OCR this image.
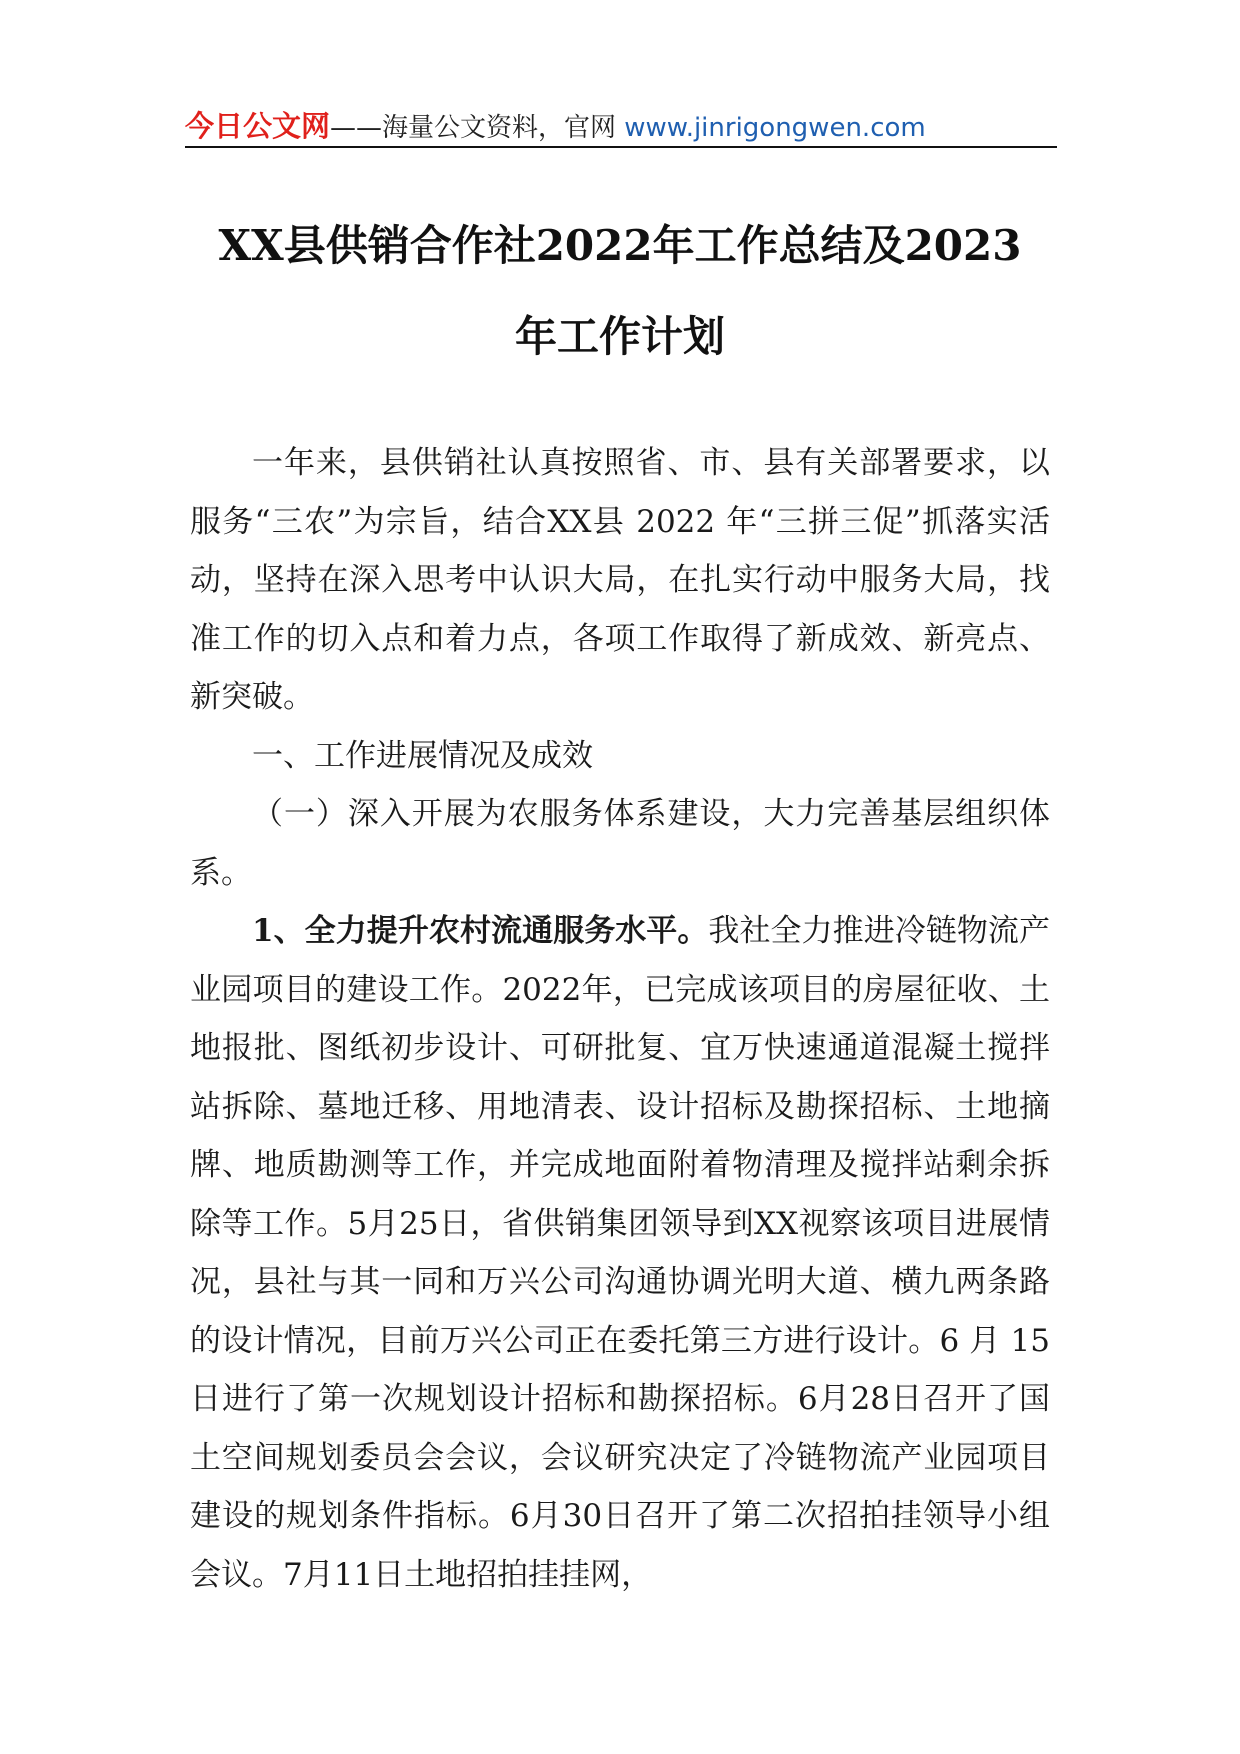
今日公文网——海量公文资料，官网 www.jinrigongwen.com
XX县供销合作社2022年工作总结及2023
年工作计划

一年来，县供销社认真按照省、市、县有关部署要求，以服务“三农”为宗旨，结合XX县 2022 年“三拼三促”抓落实活动，坚持在深入思考中认识大局，在扎实行动中服务大局，找准工作的切入点和着力点，各项工作取得了新成效、新亮点、新突破。

一、工作进展情况及成效

（一）深入开展为农服务体系建设，大力完善基层组织体系。

1、全力提升农村流通服务水平。我社全力推进冷链物流产业园项目的建设工作。2022年，已完成该项目的房屋征收、土地报批、图纸初步设计、可研批复、宜万快速通道混凝土搅拌站拆除、墓地迁移、用地清表、设计招标及勘探招标、土地摘牌、地质勘测等工作，并完成地面附着物清理及搅拌站剩余拆除等工作。5月25日，省供销集团领导到XX视察该项目进展情况，县社与其一同和万兴公司沟通协调光明大道、横九两条路的设计情况，目前万兴公司正在委托第三方进行设计。6 月 15 日进行了第一次规划设计招标和勘探招标。6月28日召开了国土空间规划委员会会议，会议研究决定了冷链物流产业园项目建设的规划条件指标。6月30日召开了第二次招拍挂领导小组会议。7月11日土地招拍挂挂网，
